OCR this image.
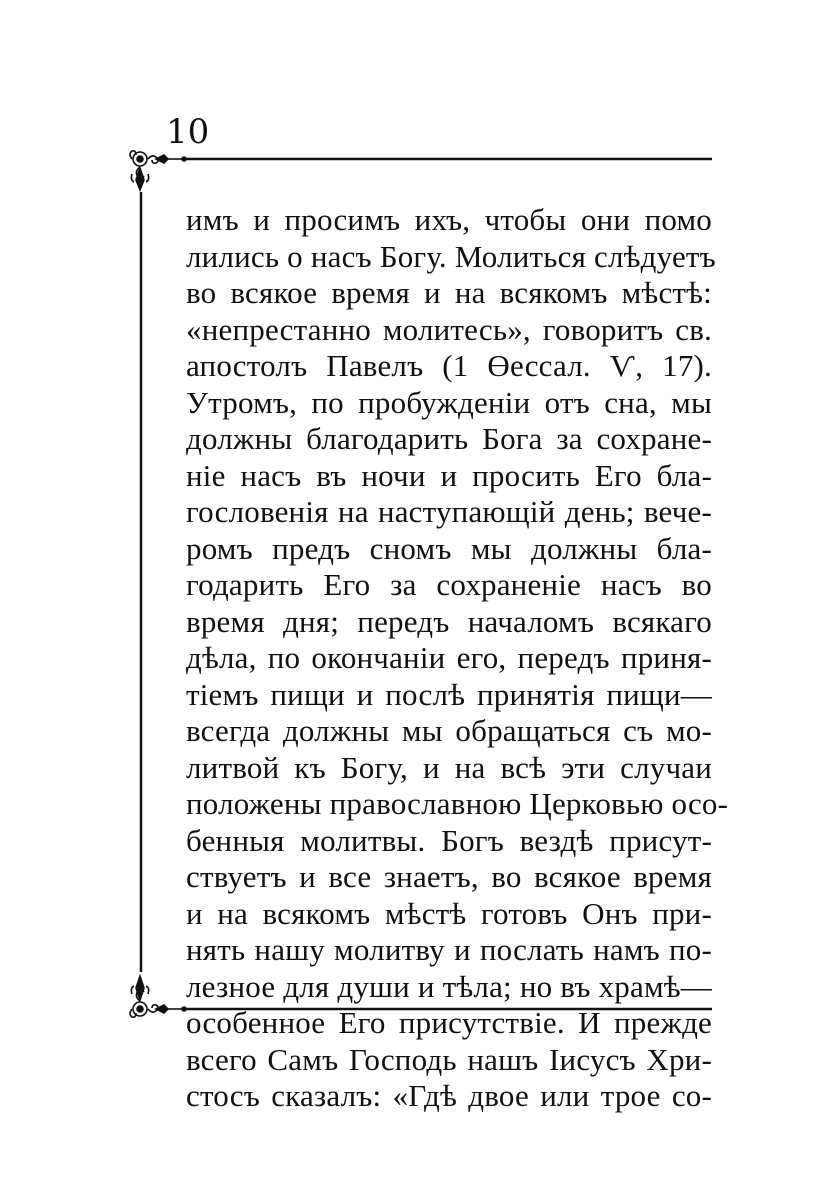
10
имъ и просимъ ихъ, чтобы они помо
лились о насъ Богу. Молиться слѣдуетъ
во всякое время и на всякомъ мѣстѣ:
«непрестанно молитесь», говоритъ св.
апостолъ Павелъ (1 Өессал. Ѵ, 17).
Утромъ, по пробужденіи отъ сна, мы
должны благодарить Бога за сохране-
ніе насъ въ ночи и просить Его бла-
гословенія на наступающій день; вече-
ромъ предъ сномъ мы должны бла-
годарить Его за сохраненіе насъ во
время дня; передъ началомъ всякаго
дѣла, по окончаніи его, передъ приня-
тіемъ пищи и послѣ принятія пищи—
всегда должны мы обращаться съ мо-
литвой къ Богу, и на всѣ эти случаи
положены православною Церковью осо-
бенныя молитвы. Богъ вездѣ присут-
ствуетъ и все знаетъ, во всякое время
и на всякомъ мѣстѣ готовъ Онъ при-
нять нашу молитву и послать намъ по-
лезное для души и тѣла; но въ храмѣ—
особенное Его присутствіе. И прежде
всего Самъ Господь нашъ Іисусъ Хри-
стосъ сказалъ: «Гдѣ двое или трое со-
